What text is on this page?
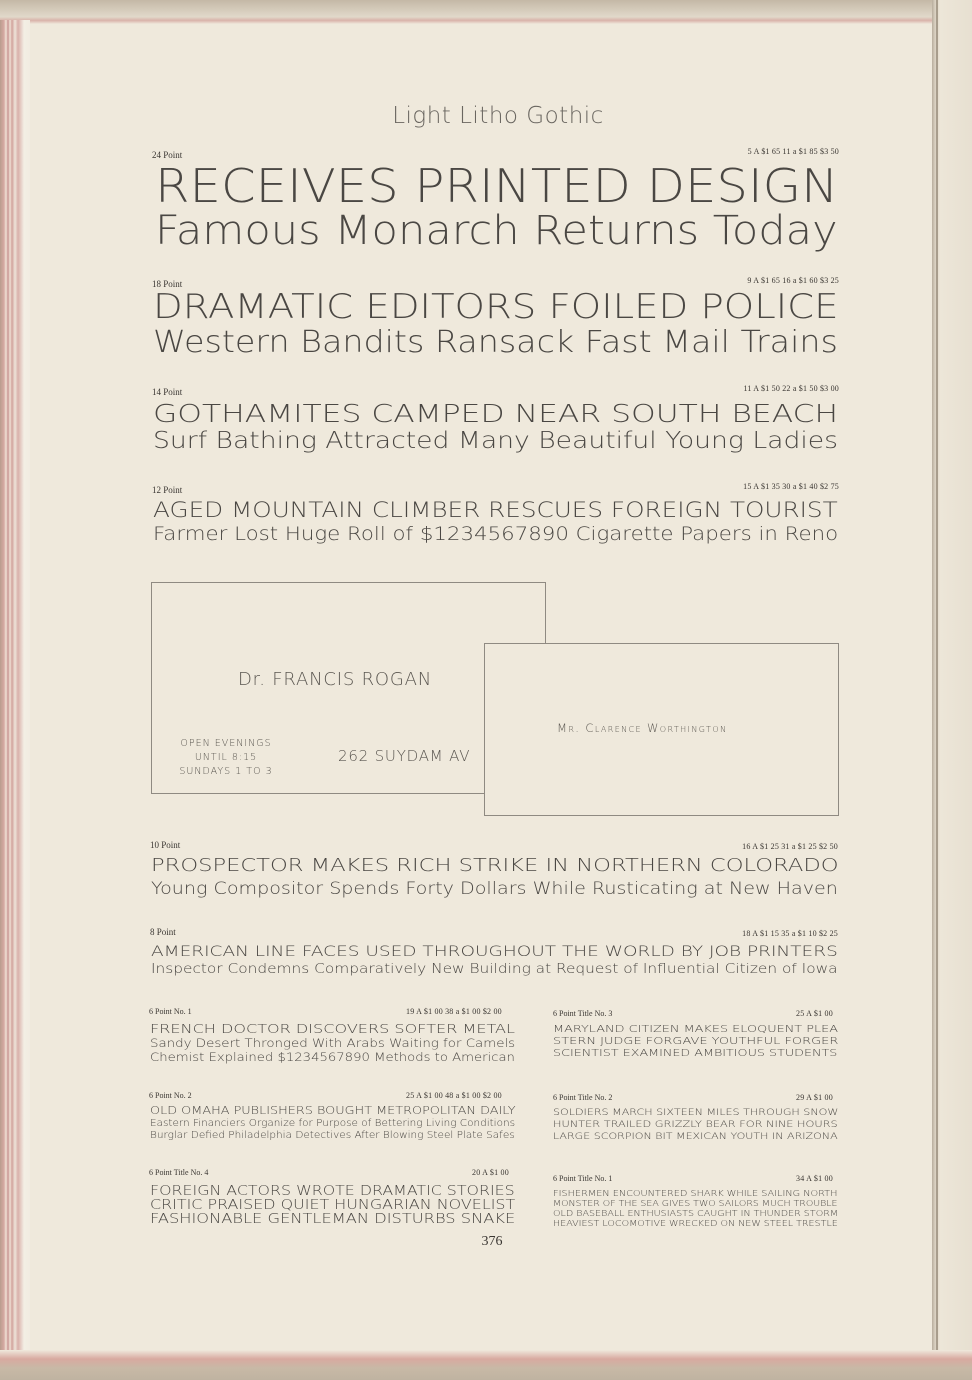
Light Litho Gothic
24 Point	5 A $1 65 11 a $1 85 $3 50
RECEIVES PRINTED DESIGN
Famous Monarch Returns Today
18 Point	9 A $1 65 16 a $1 60 $3 25
DRAMATIC EDITORS FOILED POLICE
Western Bandits Ransack Fast Mail Trains
14 Point	11 A $1 50 22 a $1 50 $3 00
GOTHAMITES CAMPED NEAR SOUTH BEACH
Surf Bathing Attracted Many Beautiful Young Ladies
12 Point	15 A $1 35 30 a $1 40 $2 75
AGED MOUNTAIN CLIMBER RESCUES FOREIGN TOURIST
Farmer Lost Huge Roll of $1234567890 Cigarette Papers in Reno
Dr. FRANCIS ROGAN
OPEN EVENINGS
UNTIL 8:15
SUNDAYS 1 TO 3
262 SUYDAM AV
Mr. Clarence Worthington
10 Point	16 A $1 25 31 a $1 25 $2 50
PROSPECTOR MAKES RICH STRIKE IN NORTHERN COLORADO
Young Compositor Spends Forty Dollars While Rusticating at New Haven
8 Point	18 A $1 15 35 a $1 10 $2 25
AMERICAN LINE FACES USED THROUGHOUT THE WORLD BY JOB PRINTERS
Inspector Condemns Comparatively New Building at Request of Influential Citizen of Iowa
6 Point No. 1	19 A $1 00 38 a $1 00 $2 00
FRENCH DOCTOR DISCOVERS SOFTER METAL
Sandy Desert Thronged With Arabs Waiting for Camels
Chemist Explained $1234567890 Methods to American
6 Point No. 2	25 A $1 00 48 a $1 00 $2 00
OLD OMAHA PUBLISHERS BOUGHT METROPOLITAN DAILY
Eastern Financiers Organize for Purpose of Bettering Living Conditions
Burglar Defied Philadelphia Detectives After Blowing Steel Plate Safes
6 Point Title No. 4	20 A $1 00
FOREIGN ACTORS WROTE DRAMATIC STORIES
CRITIC PRAISED QUIET HUNGARIAN NOVELIST
FASHIONABLE GENTLEMAN DISTURBS SNAKE
6 Point Title No. 3	25 A $1 00
MARYLAND CITIZEN MAKES ELOQUENT PLEA
STERN JUDGE FORGAVE YOUTHFUL FORGER
SCIENTIST EXAMINED AMBITIOUS STUDENTS
6 Point Title No. 2	29 A $1 00
SOLDIERS MARCH SIXTEEN MILES THROUGH SNOW
HUNTER TRAILED GRIZZLY BEAR FOR NINE HOURS
LARGE SCORPION BIT MEXICAN YOUTH IN ARIZONA
6 Point Title No. 1	34 A $1 00
FISHERMEN ENCOUNTERED SHARK WHILE SAILING NORTH
MONSTER OF THE SEA GIVES TWO SAILORS MUCH TROUBLE
OLD BASEBALL ENTHUSIASTS CAUGHT IN THUNDER STORM
HEAVIEST LOCOMOTIVE WRECKED ON NEW STEEL TRESTLE
376
